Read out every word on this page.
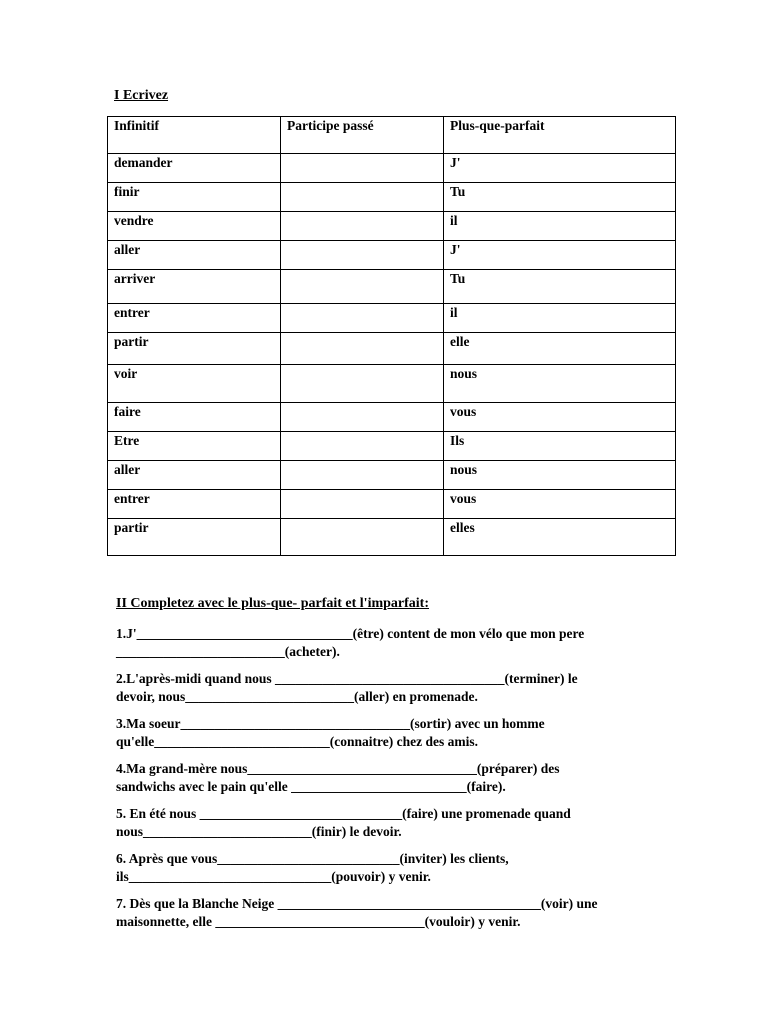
I Ecrivez
Infinitif	Participe passé	Plus-que-parfait
demander		J'
finir		Tu
vendre		il
aller		J'
arriver		Tu
entrer		il
partir		elle
voir		nous
faire		vous
Etre		Ils
aller		nous
entrer		vous
partir		elles
II Completez avec le plus-que- parfait et l'imparfait:
1.J'________________________________(être) content de mon vélo que mon pere
_________________________(acheter).
2.L'après-midi quand nous __________________________________(terminer) le
devoir, nous_________________________(aller) en promenade.
3.Ma soeur__________________________________(sortir) avec un homme
qu'elle__________________________(connaitre) chez des amis.
4.Ma grand-mère nous__________________________________(préparer) des
sandwichs avec le pain qu'elle __________________________(faire).
5. En été nous ______________________________(faire) une promenade quand
nous_________________________(finir) le devoir.
6. Après que vous___________________________(inviter) les clients,
ils______________________________(pouvoir) y venir.
7. Dès que la Blanche Neige _______________________________________(voir) une
maisonnette, elle _______________________________(vouloir) y venir.
